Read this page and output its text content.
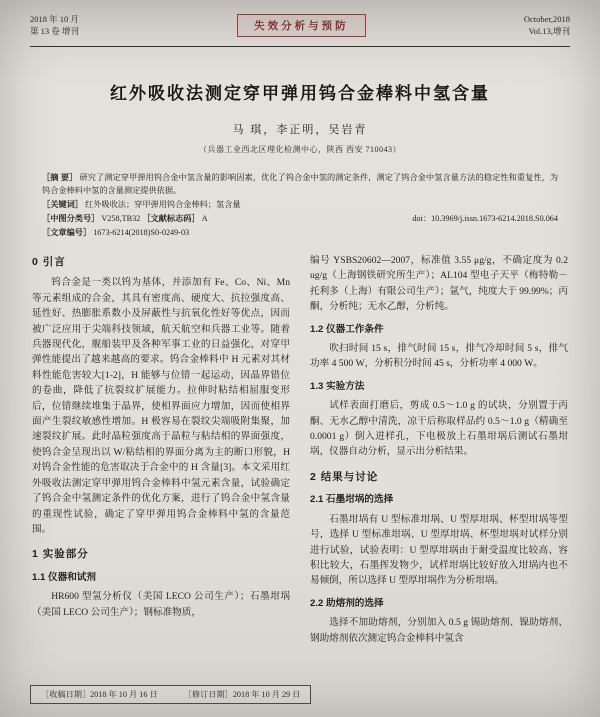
2018 年 10 月
第 13 卷 增刊	失效分析与预防
October,2018
Vol.13,增刊
红外吸收法测定穿甲弹用钨合金棒料中氢含量
马 琪，李正明，吴岩青
（兵器工业西北区理化检测中心，陕西 西安 710043）
［摘 要］ 研究了测定穿甲弹用钨合金中氢含量的影响因素，优化了钨合金中氢的测定条件，测定了钨合金中氢含量方法的稳定性和重复性，为钨合金棒料中氢的含量测定提供依据。
［关键词］ 红外吸收法；穿甲弹用钨合金棒料；氢含量
［中图分类号］ V258,TB32 ［文献标志码］ A	doi：10.3969/j.issn.1673-6214.2018.S0.064
［文章编号］ 1673-6214(2018)S0-0249-03
0 引言

钨合金是一类以钨为基体，并添加有 Fe、Co、Ni、Mn 等元素组成的合金，其具有密度高、硬度大、抗拉强度高、延性好、热膨胀系数小及屏蔽性与抗氧化性好等优点，因而被广泛应用于尖端科技领域，航天航空和兵器工业等。随着兵器现代化，舰船装甲及各种军事工业的日益强化，对穿甲弹性能提出了越来越高的要求。钨合金棒料中 H 元素对其材料性能危害较大[1-2]，H 能够与位错一起运动，因晶界错位的卷曲，降低了抗裂纹扩展能力。拉伸时粘结相屈服变形后，位错继续堆集于晶界，使相界面应力增加，因而使相界面产生裂纹敏感性增加。H 极容易在裂纹尖端吸附集聚，加速裂纹扩展。此时晶粒强度高于晶粒与粘结相的界面强度，使钨合金呈现出以 W/粘结相的界面分离为主的断口形貌，H 对钨合金性能的危害取决于合金中的 H 含量[3]。本文采用红外吸收法测定穿甲弹用钨合金棒料中氢元素含量，试验确定了钨合金中氢测定条件的优化方案，进行了钨合金中氢含量的重现性试验，确定了穿甲弹用钨合金棒料中氢的含量范围。

1 实验部分
1.1 仪器和试剂

HR600 型氢分析仪（美国 LECO 公司生产）；石墨坩埚（美国 LECO 公司生产）；钢标准物质，

编号 YSBS20602—2007，标准值 3.55 μg/g，不确定度为 0.2 ug/g（上海钢铁研究所生产）；AL104 型电子天平（梅特勒－托利多（上海）有限公司生产）；氩气，纯度大于 99.99%；丙酮，分析纯；无水乙醇，分析纯。

1.2 仪器工作条件

吹扫时间 15 s，排气时间 15 s，排气冷却时间 5 s，排气功率 4 500 W，分析积分时间 45 s，分析功率 4 000 W。

1.3 实验方法

试样表面打磨后，剪成 0.5～1.0 g 的试块，分别置于丙酮、无水乙醇中清洗，凉干后称取样品约 0.5～1.0 g（精确至 0.0001 g）倒入进样孔，下电极放上石墨坩埚后测试石墨坩埚，仪器自动分析，显示出分析结果。

2 结果与讨论
2.1 石墨坩埚的选择

石墨坩埚有 U 型标准坩埚、U 型厚坩埚、杯型坩埚等型号，选择 U 型标准坩埚、U 型厚坩埚、杯型坩埚对试样分别进行试验，试验表明：U 型厚坩埚由于耐受温度比较高、容积比较大，石墨挥发物少，试样坩埚比较好放入坩埚内也不易倾倒，所以选择 U 型厚坩埚作为分析坩埚。

2.2 助熔剂的选择

选择不加助熔剂，分别加入 0.5 g 锡助熔剂、镍助熔剂、钢助熔剂依次测定钨合金棒料中氢含

［收稿日期］2018 年 10 月 16 日	［修订日期］2018 年 10 月 29 日
